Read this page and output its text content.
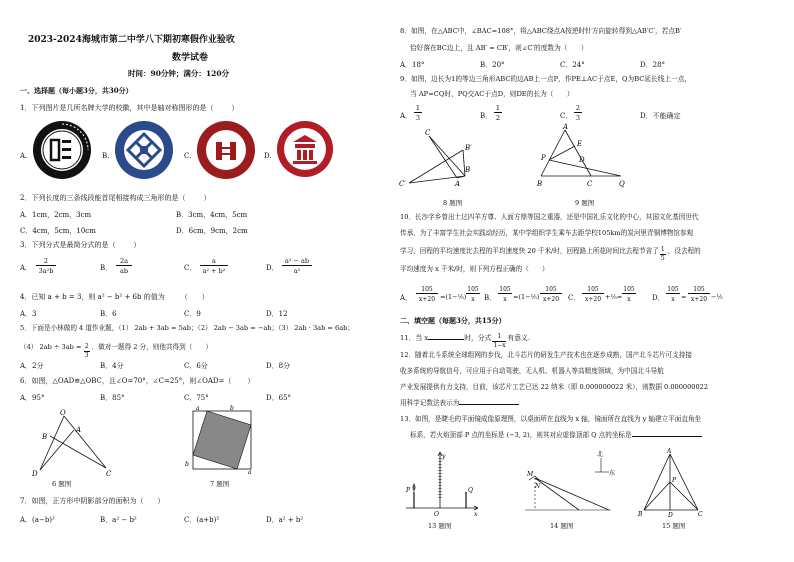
2023-2024海城市第二中学八下期初寒假作业验收
数学试卷
时间：90分钟；满分：120分
一、选择题（每小题3分，共30分）
1．下列图片是几所名牌大学的校徽，其中是轴对称图形的是（	）
A.	B.	C.	D.
2．下列长度的三条线段能首尾相接构成三角形的是（	）
A．1cm，2cm，3cm	B．3cm，4cm，5cm
C．4cm，5cm，10cm	D．6cm，9cm，2cm
3．下列分式是最简分式的是（	）
A．
2
3a²b	B．
2a
ab	C．
a
a² + b²	D．
a² − ab
a²
4．已知 a + b = 3，则 a² − b² + 6b 的值为 （　　）
A．3	B．6	C．9	D．12
5．下面是小林做的 4 道作业题，（1） 2ab + 3ab = 5ab；（2） 2ab − 3ab = −ab；（3） 2ab · 3ab = 6ab；
（4） 2ab ÷ 3ab =
$\frac{2}{3}$
．做对一题得 2 分，则他共得到（　　）
A．2分	B．4分	C．6分	D．8分
6．如图，△OAD≌△OBC，且∠O=70°，∠C=25°，则∠OAD=（ ）
A．95°	B．85°	C．75°	D．65°
O
B
A
D	C
6 题图
a	b
a
b
7 题图
7．如图，正方形中阴影部分的面积为（　　）
A．(a−b)²	B．a² − b²	C．(a+b)²	D．a² + b²
8．如图，在△ABC中，∠BAC=108°，将△ABC绕点A按逆时针方向旋转得到△AB′C′，若点B′
恰好落在BC边上，且 AB′ = CB′，则∠C′的度数为（　　）
A．18°	B．20°	C．24°	D．28°
9．如图，边长为1的等边三角形ABC的边AB上一点P，作PE⊥AC于点E，Q为BC延长线上一点，
当 AP=CQ时，PQ交AC于点D，则DE的长为（　　）
A．
1
3	B．
1
2	C．
2
3	D．不能确定
C
B′
B
A
C′
8 题图
A
E
P	D
B	C	Q
9 题图
10．长沙字乡曾出土过四羊方尊、人面方鼎等国之重器，还是中国礼乐文化的中心，其国文化基因世代
传承，为了丰富学生社会实践动经历，某中学组织学生乘车去距学校105km的炭河里青铜博物馆参观
学习，回程的平均速度比去程的平均速度快 20 千米/时，回程路上所花时间比去程节省了
$\frac{1}{5}$
，设去程的
平均速度为 x 千米/时，则下列方程正确的（　　）
A．
105
x+20 =(1−⅕)
105
x	B．
105
x =(1−⅕)
105
x+20	C．
105
x+20 +⅕=
105
x	D．
105
x =
105
x+20 −⅕
二、填空题（每题3分，共15分）
11．当 x	时，分式
$\frac{1}{1-x}$
有意义.
12．随着北斗系统全球组网的步伐，北斗芯片的研发生产技术也在逐步成熟，国产北斗芯片可支持接
收多系统的导航信号，可应用于自动驾驶、无人机、机器人等高精度领域，为中国北斗导航
产业发展提供有力支持，目前，该芯片工艺已达 22 纳米（即 0.000000022 米），则数据 0.000000022
用科学记数法表示为
13．如图，是睫毛的平面镜成像原理图，以桌面所在直线为 x 轴，镜面所在直线为 y 轴建立平面直角坐
标系，若火焰顶部 P 点的坐标是 (−3, 2)，则其对应虚像顶部 Q 点的坐标是
y
P	Q
O	x
13 题图
M
N
北
东
14 题图
A
P
B	C
D
15 题图
